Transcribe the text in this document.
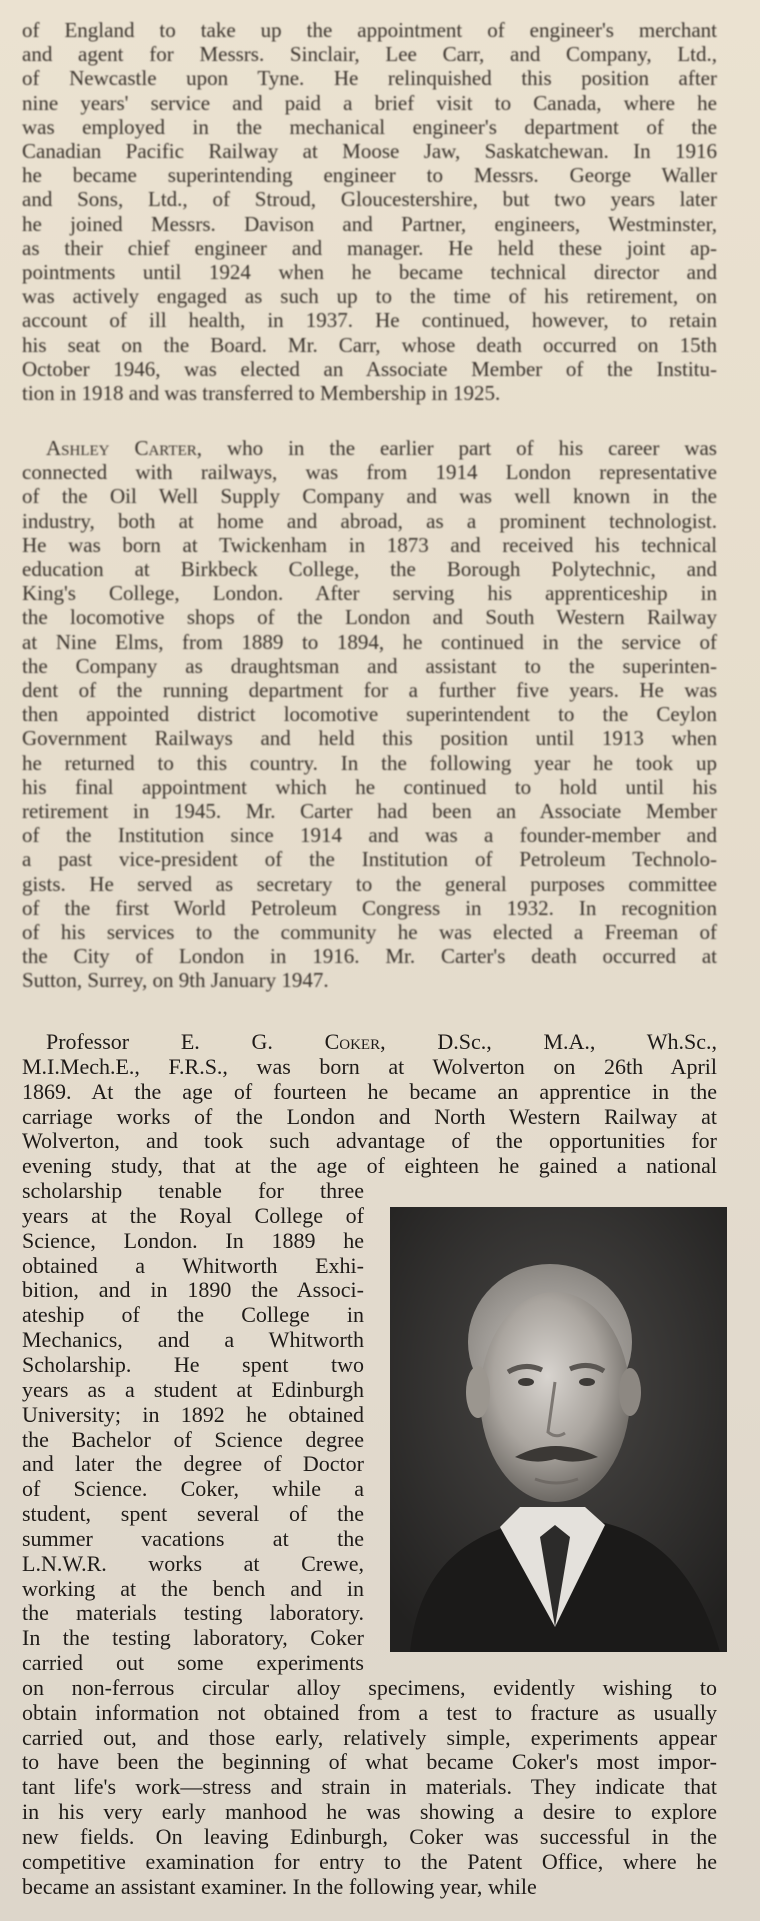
of England to take up the appointment of engineer's merchant
and agent for Messrs. Sinclair, Lee Carr, and Company, Ltd.,
of Newcastle upon Tyne. He relinquished this position after
nine years' service and paid a brief visit to Canada, where he
was employed in the mechanical engineer's department of the
Canadian Pacific Railway at Moose Jaw, Saskatchewan. In 1916
he became superintending engineer to Messrs. George Waller
and Sons, Ltd., of Stroud, Gloucestershire, but two years later
he joined Messrs. Davison and Partner, engineers, Westminster,
as their chief engineer and manager. He held these joint ap-
pointments until 1924 when he became technical director and
was actively engaged as such up to the time of his retirement, on
account of ill health, in 1937. He continued, however, to retain
his seat on the Board. Mr. Carr, whose death occurred on 15th
October 1946, was elected an Associate Member of the Institu-
tion in 1918 and was transferred to Membership in 1925.
Ashley Carter, who in the earlier part of his career was
connected with railways, was from 1914 London representative
of the Oil Well Supply Company and was well known in the
industry, both at home and abroad, as a prominent technologist.
He was born at Twickenham in 1873 and received his technical
education at Birkbeck College, the Borough Polytechnic, and
King's College, London. After serving his apprenticeship in
the locomotive shops of the London and South Western Railway
at Nine Elms, from 1889 to 1894, he continued in the service of
the Company as draughtsman and assistant to the superinten-
dent of the running department for a further five years. He was
then appointed district locomotive superintendent to the Ceylon
Government Railways and held this position until 1913 when
he returned to this country. In the following year he took up
his final appointment which he continued to hold until his
retirement in 1945. Mr. Carter had been an Associate Member
of the Institution since 1914 and was a founder-member and
a past vice-president of the Institution of Petroleum Technolo-
gists. He served as secretary to the general purposes committee
of the first World Petroleum Congress in 1932. In recognition
of his services to the community he was elected a Freeman of
the City of London in 1916. Mr. Carter's death occurred at
Sutton, Surrey, on 9th January 1947.
Professor E. G. Coker, D.Sc., M.A., Wh.Sc.,
M.I.Mech.E., F.R.S., was born at Wolverton on 26th April
1869. At the age of fourteen he became an apprentice in the
carriage works of the London and North Western Railway at
Wolverton, and took such advantage of the opportunities for
evening study, that at the age of eighteen he gained a national
scholarship tenable for three
years at the Royal College of
Science, London. In 1889 he
obtained a Whitworth Exhi-
bition, and in 1890 the Associ-
ateship of the College in
Mechanics, and a Whitworth
Scholarship. He spent two
years as a student at Edinburgh
University; in 1892 he obtained
the Bachelor of Science degree
and later the degree of Doctor
of Science. Coker, while a
student, spent several of the
summer vacations at the
L.N.W.R. works at Crewe,
working at the bench and in
the materials testing laboratory.
In the testing laboratory, Coker
carried out some experiments
on non-ferrous circular alloy specimens, evidently wishing to
obtain information not obtained from a test to fracture as usually
carried out, and those early, relatively simple, experiments appear
to have been the beginning of what became Coker's most impor-
tant life's work—stress and strain in materials. They indicate that
in his very early manhood he was showing a desire to explore
new fields. On leaving Edinburgh, Coker was successful in the
competitive examination for entry to the Patent Office, where he
became an assistant examiner. In the following year, while
